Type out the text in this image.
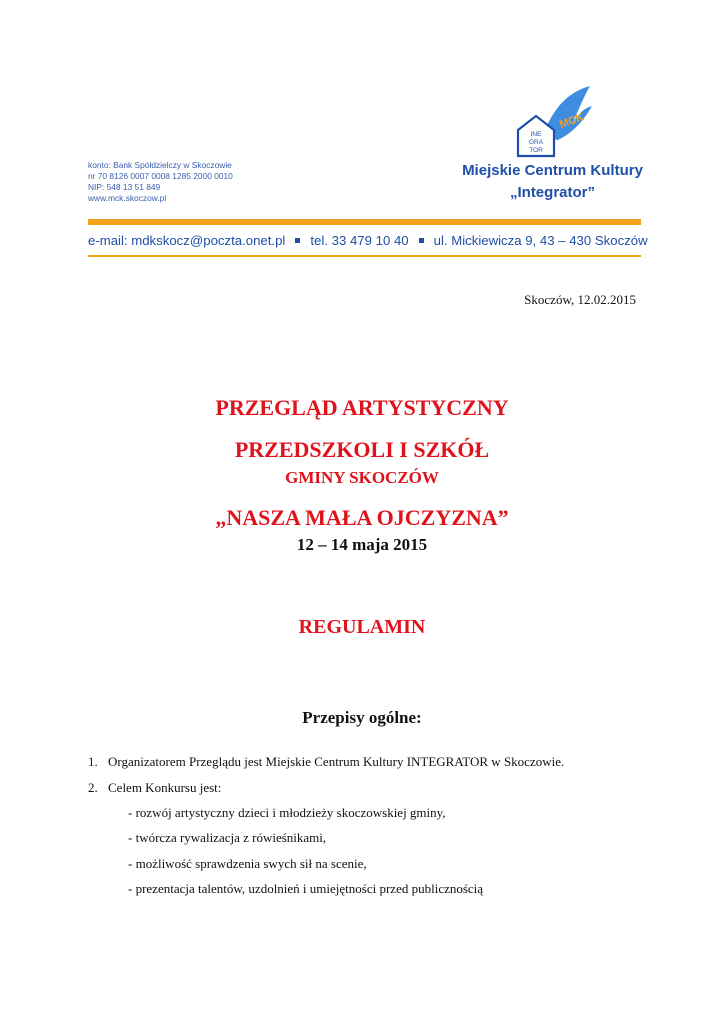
konto: Bank Spółdzielczy w Skoczowie
nr 70 8126 0007 0008 1285 2000 0010
NIP: 548 13 51 849
www.mck.skoczow.pl
MCK
INE
GRA
TOR
Miejskie Centrum Kultury
„Integrator”
e-mail: mdkskocz@poczta.onet.pl tel. 33 479 10 40 ul. Mickiewicza 9, 43 – 430 Skoczów
Skoczów, 12.02.2015
PRZEGLĄD ARTYSTYCZNY
PRZEDSZKOLI I SZKÓŁ
GMINY SKOCZÓW
„NASZA MAŁA OJCZYZNA”
12 – 14 maja 2015
REGULAMIN
Przepisy ogólne:
1. Organizatorem Przeglądu jest Miejskie Centrum Kultury INTEGRATOR w Skoczowie.
2. Celem Konkursu jest:
- rozwój artystyczny dzieci i młodzieży skoczowskiej gminy,
- twórcza rywalizacja z rówieśnikami,
- możliwość sprawdzenia swych sił na scenie,
- prezentacja talentów, uzdolnień i umiejętności przed publicznością
